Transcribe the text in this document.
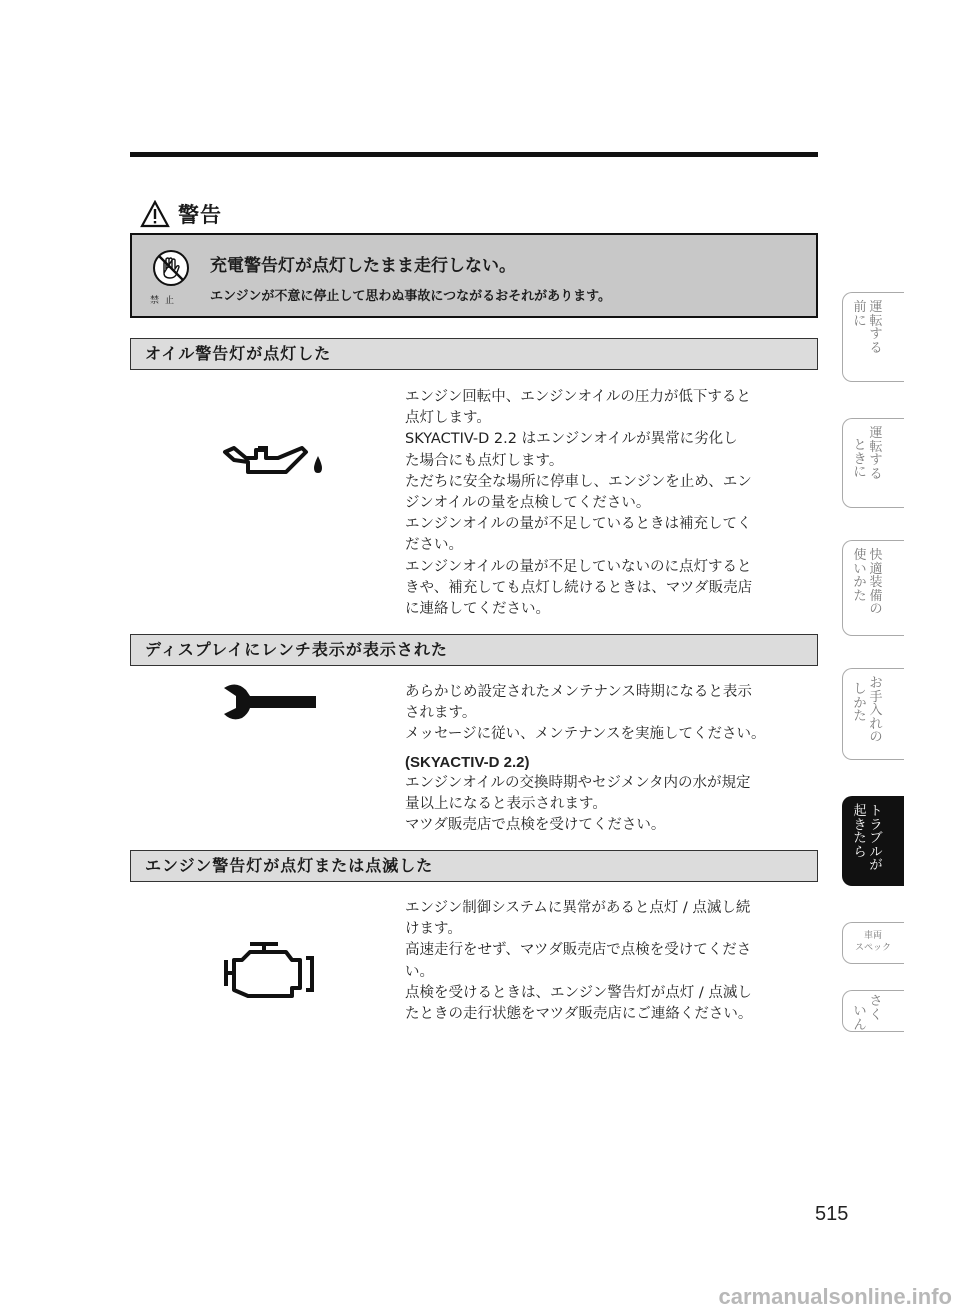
警告
禁止
充電警告灯が点灯したまま走行しない。
エンジンが不意に停止して思わぬ事故につながるおそれがあります。
オイル警告灯が点灯した

エンジン回転中、エンジンオイルの圧力が低下すると

点灯します。

SKYACTIV-D 2.2 はエンジンオイルが異常に劣化し

た場合にも点灯します。

ただちに安全な場所に停車し、エンジンを止め、エン

ジンオイルの量を点検してください。

エンジンオイルの量が不足しているときは補充してく

ださい。

エンジンオイルの量が不足していないのに点灯すると

きや、補充しても点灯し続けるときは、マツダ販売店

に連絡してください。

ディスプレイにレンチ表示が表示された

あらかじめ設定されたメンテナンス時期になると表示

されます。

メッセージに従い、メンテナンスを実施してください。

(SKYACTIV-D 2.2)

エンジンオイルの交換時期やセジメンタ内の水が規定

量以上になると表示されます。

マツダ販売店で点検を受けてください。

エンジン警告灯が点灯または点滅した

エンジン制御システムに異常があると点灯 / 点滅し続

けます。

高速走行をせず、マツダ販売店で点検を受けてくださ

い。

点検を受けるときは、エンジン警告灯が点灯 / 点滅し

たときの走行状態をマツダ販売店にご連絡ください。

前に
運転する
ときに
運転する
使いかた
快適装備の
しかた
お手入れの
起きたら
トラブルが
車両
スペック
いん
さく
515
carmanualsonline.info
